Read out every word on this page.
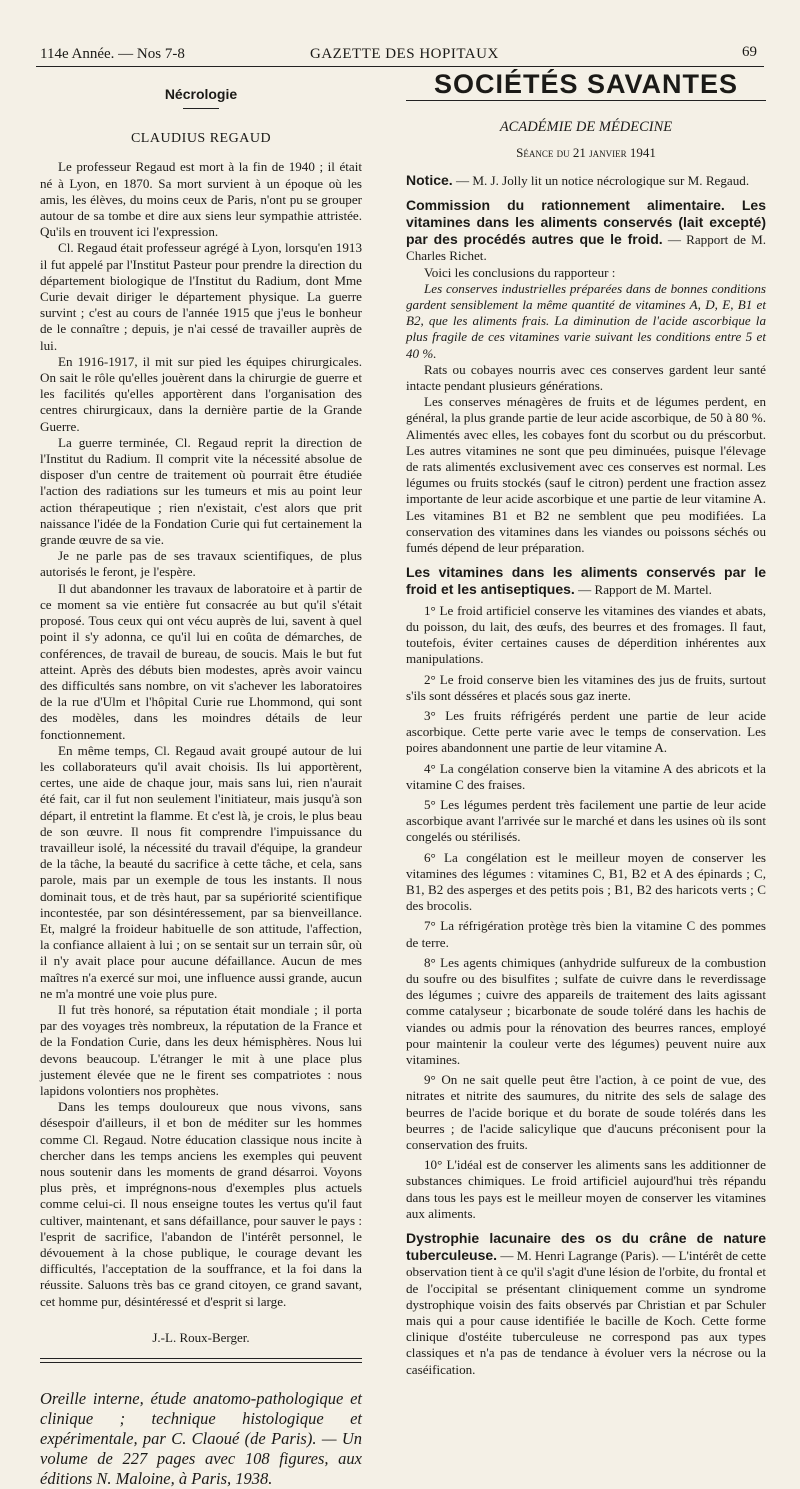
114e Année. — Nos 7-8	GAZETTE DES HOPITAUX	69
Nécrologie
CLAUDIUS REGAUD

Le professeur Regaud est mort à la fin de 1940 ; il était né à Lyon, en 1870. Sa mort survient à un époque où les amis, les élèves, du moins ceux de Paris, n'ont pu se grouper autour de sa tombe et dire aux siens leur sympathie attristée. Qu'ils en trouvent ici l'expression.

Cl. Regaud était professeur agrégé à Lyon, lorsqu'en 1913 il fut appelé par l'Institut Pasteur pour prendre la direction du département biologique de l'Institut du Radium, dont Mme Curie devait diriger le département physique. La guerre survint ; c'est au cours de l'année 1915 que j'eus le bonheur de le connaître ; depuis, je n'ai cessé de travailler auprès de lui.

En 1916-1917, il mit sur pied les équipes chirurgicales. On sait le rôle qu'elles jouèrent dans la chirurgie de guerre et les facilités qu'elles apportèrent dans l'organisation des centres chirurgicaux, dans la dernière partie de la Grande Guerre.

La guerre terminée, Cl. Regaud reprit la direction de l'Institut du Radium. Il comprit vite la nécessité absolue de disposer d'un centre de traitement où pourrait être étudiée l'action des radiations sur les tumeurs et mis au point leur action thérapeutique ; rien n'existait, c'est alors que prit naissance l'idée de la Fondation Curie qui fut certainement la grande œuvre de sa vie.

Je ne parle pas de ses travaux scientifiques, de plus autorisés le feront, je l'espère.

Il dut abandonner les travaux de laboratoire et à partir de ce moment sa vie entière fut consacrée au but qu'il s'était proposé. Tous ceux qui ont vécu auprès de lui, savent à quel point il s'y adonna, ce qu'il lui en coûta de démarches, de conférences, de travail de bureau, de soucis. Mais le but fut atteint. Après des débuts bien modestes, après avoir vaincu des difficultés sans nombre, on vit s'achever les laboratoires de la rue d'Ulm et l'hôpital Curie rue Lhommond, qui sont des modèles, dans les moindres détails de leur fonctionnement.

En même temps, Cl. Regaud avait groupé autour de lui les collaborateurs qu'il avait choisis. Ils lui apportèrent, certes, une aide de chaque jour, mais sans lui, rien n'aurait été fait, car il fut non seulement l'initiateur, mais jusqu'à son départ, il entretint la flamme. Et c'est là, je crois, le plus beau de son œuvre. Il nous fit comprendre l'impuissance du travailleur isolé, la nécessité du travail d'équipe, la grandeur de la tâche, la beauté du sacrifice à cette tâche, et cela, sans parole, mais par un exemple de tous les instants. Il nous dominait tous, et de très haut, par sa supériorité scientifique incontestée, par son désintéressement, par sa bienveillance. Et, malgré la froideur habituelle de son attitude, l'affection, la confiance allaient à lui ; on se sentait sur un terrain sûr, où il n'y avait place pour aucune défaillance. Aucun de mes maîtres n'a exercé sur moi, une influence aussi grande, aucun ne m'a montré une voie plus pure.

Il fut très honoré, sa réputation était mondiale ; il porta par des voyages très nombreux, la réputation de la France et de la Fondation Curie, dans les deux hémisphères. Nous lui devons beaucoup. L'étranger le mit à une place plus justement élevée que ne le firent ses compatriotes : nous lapidons volontiers nos prophètes.

Dans les temps douloureux que nous vivons, sans désespoir d'ailleurs, il et bon de méditer sur les hommes comme Cl. Regaud. Notre éducation classique nous incite à chercher dans les temps anciens les exemples qui peuvent nous soutenir dans les moments de grand désarroi. Voyons plus près, et imprégnons-nous d'exemples plus actuels comme celui-ci. Il nous enseigne toutes les vertus qu'il faut cultiver, maintenant, et sans défaillance, pour sauver le pays : l'esprit de sacrifice, l'abandon de l'intérêt personnel, le dévouement à la chose publique, le courage devant les difficultés, l'acceptation de la souffrance, et la foi dans la réussite. Saluons très bas ce grand citoyen, ce grand savant, cet homme pur, désintéressé et d'esprit si large.

J.-L. Roux-Berger.

Oreille interne, étude anatomo-pathologique et clinique ; technique histologique et expérimentale, par C. Claoué (de Paris). — Un volume de 227 pages avec 108 figures, aux éditions N. Maloine, à Paris, 1938.

SOCIÉTÉS SAVANTES
ACADÉMIE DE MÉDECINE
Séance du 21 janvier 1941

Notice. — M. J. Jolly lit un notice nécrologique sur M. Regaud.

Commission du rationnement alimentaire. Les vitamines dans les aliments conservés (lait excepté) par des procédés autres que le froid. — Rapport de M. Charles Richet.

Voici les conclusions du rapporteur :

Les conserves industrielles préparées dans de bonnes conditions gardent sensiblement la même quantité de vitamines A, D, E, B1 et B2, que les aliments frais. La diminution de l'acide ascorbique la plus fragile de ces vitamines varie suivant les conditions entre 5 et 40 %.

Rats ou cobayes nourris avec ces conserves gardent leur santé intacte pendant plusieurs générations.

Les conserves ménagères de fruits et de légumes perdent, en général, la plus grande partie de leur acide ascorbique, de 50 à 80 %. Alimentés avec elles, les cobayes font du scorbut ou du préscorbut. Les autres vitamines ne sont que peu diminuées, puisque l'élevage de rats alimentés exclusivement avec ces conserves est normal. Les légumes ou fruits stockés (sauf le citron) perdent une fraction assez importante de leur acide ascorbique et une partie de leur vitamine A. Les vitamines B1 et B2 ne semblent que peu modifiées. La conservation des vitamines dans les viandes ou poissons séchés ou fumés dépend de leur préparation.

Les vitamines dans les aliments conservés par le froid et les antiseptiques. — Rapport de M. Martel.

1° Le froid artificiel conserve les vitamines des viandes et abats, du poisson, du lait, des œufs, des beurres et des fromages. Il faut, toutefois, éviter certaines causes de déperdition inhérentes aux manipulations.

2° Le froid conserve bien les vitamines des jus de fruits, surtout s'ils sont désséres et placés sous gaz inerte.

3° Les fruits réfrigérés perdent une partie de leur acide ascorbique. Cette perte varie avec le temps de conservation. Les poires abandonnent une partie de leur vitamine A.

4° La congélation conserve bien la vitamine A des abricots et la vitamine C des fraises.

5° Les légumes perdent très facilement une partie de leur acide ascorbique avant l'arrivée sur le marché et dans les usines où ils sont congelés ou stérilisés.

6° La congélation est le meilleur moyen de conserver les vitamines des légumes : vitamines C, B1, B2 et A des épinards ; C, B1, B2 des asperges et des petits pois ; B1, B2 des haricots verts ; C des brocolis.

7° La réfrigération protège très bien la vitamine C des pommes de terre.

8° Les agents chimiques (anhydride sulfureux de la combustion du soufre ou des bisulfites ; sulfate de cuivre dans le reverdissage des légumes ; cuivre des appareils de traitement des laits agissant comme catalyseur ; bicarbonate de soude toléré dans les hachis de viandes ou admis pour la rénovation des beurres rances, employé pour maintenir la couleur verte des légumes) peuvent nuire aux vitamines.

9° On ne sait quelle peut être l'action, à ce point de vue, des nitrates et nitrite des saumures, du nitrite des sels de salage des beurres de l'acide borique et du borate de soude tolérés dans les beurres ; de l'acide salicylique que d'aucuns préconisent pour la conservation des fruits.

10° L'idéal est de conserver les aliments sans les additionner de substances chimiques. Le froid artificiel aujourd'hui très répandu dans tous les pays est le meilleur moyen de conserver les vitamines aux aliments.

Dystrophie lacunaire des os du crâne de nature tuberculeuse. — M. Henri Lagrange (Paris). — L'intérêt de cette observation tient à ce qu'il s'agit d'une lésion de l'orbite, du frontal et de l'occipital se présentant cliniquement comme un syndrome dystrophique voisin des faits observés par Christian et par Schuler mais qui a pour cause identifiée le bacille de Koch. Cette forme clinique d'ostéite tuberculeuse ne correspond pas aux types classiques et n'a pas de tendance à évoluer vers la nécrose ou la caséification.
